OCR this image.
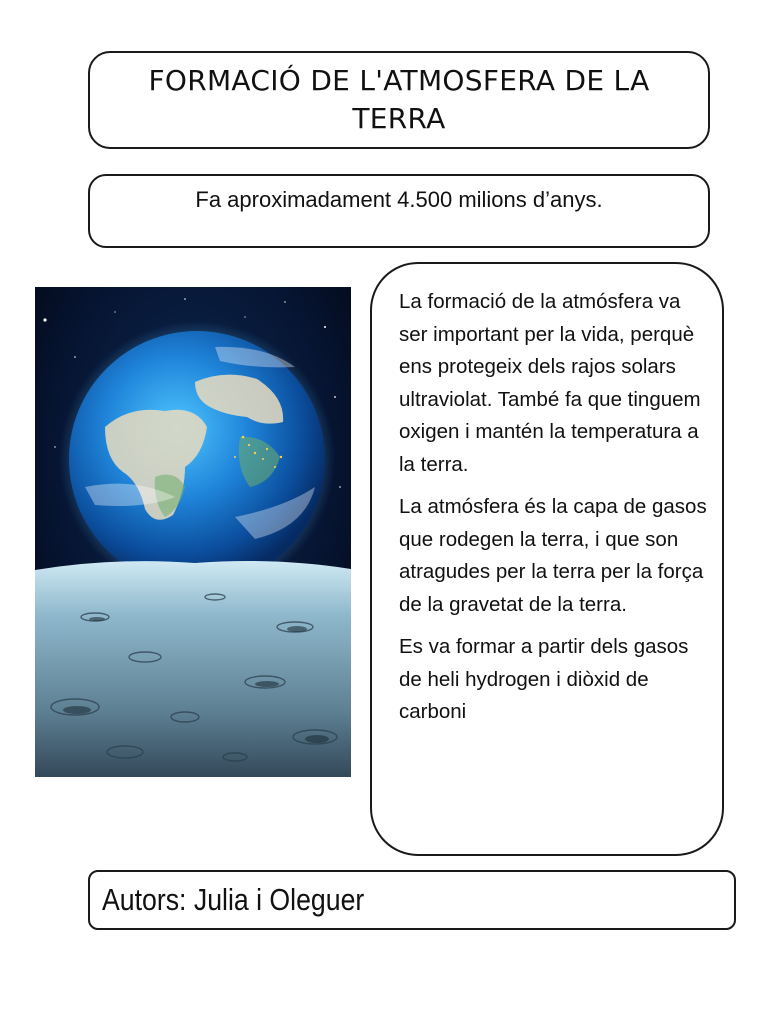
FORMACIÓ DE L'ATMOSFERA DE LA TERRA
Fa aproximadament 4.500 milions d’anys.

La formació de la atmósfera va ser important per la vida, perquè ens protegeix dels rajos solars ultraviolat. També fa que tinguem oxigen i mantén la temperatura a la terra.

La atmósfera és la capa de gasos que rodegen la terra, i que son atragudes per la terra per la força de la gravetat de la terra.

Es va formar a partir dels gasos de heli hydrogen i diòxid de carboni

Autors: Julia i Oleguer
